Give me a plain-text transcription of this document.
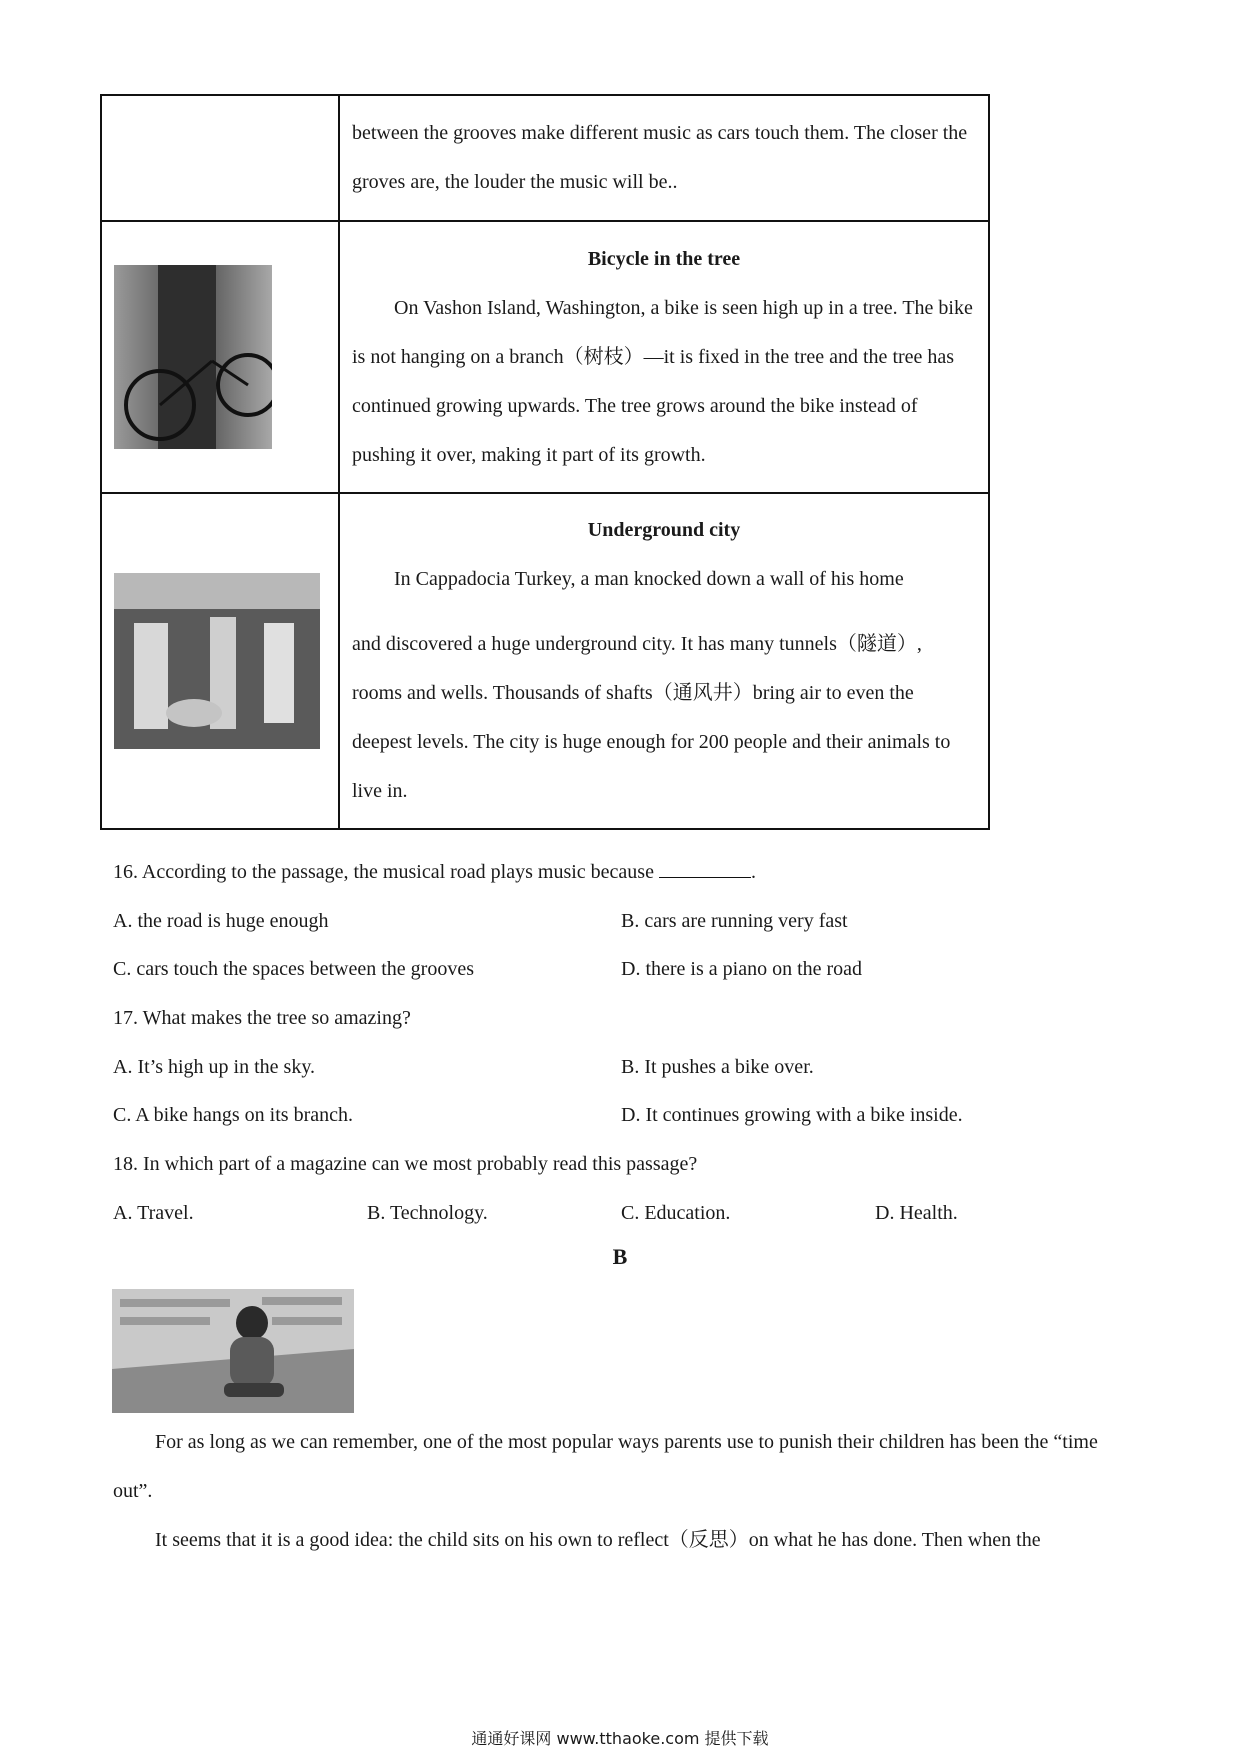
	between the grooves make different music as cars touch them. The closer the groves are, the louder the music will be..

Bicycle in the tree
On Vashon Island, Washington, a bike is seen high up in a tree. The bike is not hanging on a branch（树枝）—it is fixed in the tree and the tree has continued growing upwards. The tree grows around the bike instead of pushing it over, making it part of its growth.

Underground city
In Cappadocia Turkey, a man knocked down a wall of his home
and discovered a huge underground city. It has many tunnels（隧道）, rooms and wells. Thousands of shafts（通风井）bring air to even the deepest levels. The city is huge enough for 200 people and their animals to live in.
16. According to the passage, the musical road plays music because	.
A. the road is huge enough	B. cars are running very fast
C. cars touch the spaces between the grooves	D. there is a piano on the road
17. What makes the tree so amazing?
A. It’s high up in the sky.	B. It pushes a bike over.
C. A bike hangs on its branch.	D. It continues growing with a bike inside.
18. In which part of a magazine can we most probably read this passage?
A. Travel.	B. Technology.	C. Education.	D. Health.
B

For as long as we can remember, one of the most popular ways parents use to punish their children has been the “time out”.

It seems that it is a good idea: the child sits on his own to reflect（反思）on what he has done. Then when the

通通好课网 www.tthaoke.com 提供下载
